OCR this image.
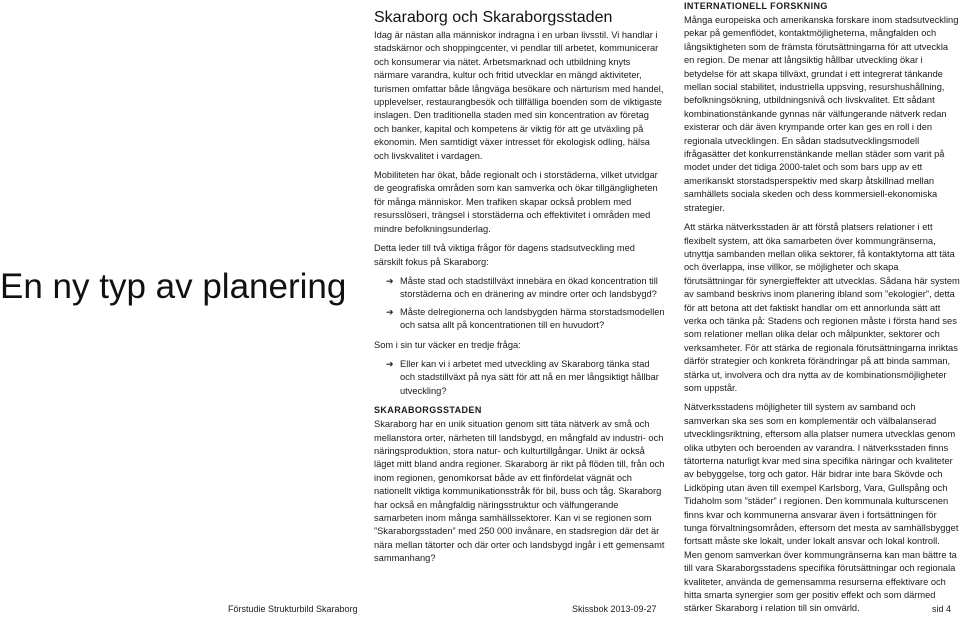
En ny typ av planering
Skaraborg och Skaraborgsstaden

Idag är nästan alla människor indragna i en urban livsstil. Vi handlar i stadskärnor och shoppingcenter, vi pendlar till arbetet, kommunicerar och konsumerar via nätet. Arbetsmarknad och utbildning knyts närmare varandra, kultur och fritid utvecklar en mängd aktiviteter, turismen omfattar både långväga besökare och närturism med handel, upplevelser, restaurangbesök och tillfälliga boenden som de viktigaste inslagen. Den traditionella staden med sin koncentration av företag och banker, kapital och kompetens är viktig för att ge utväxling på ekonomin. Men samtidigt växer intresset för ekologisk odling, hälsa och livskvalitet i vardagen.

Mobiliteten har ökat, både regionalt och i storstäderna, vilket utvidgar de geografiska områden som kan samverka och ökar tillgängligheten för många människor. Men trafiken skapar också problem med resursslöseri, trängsel i storstäderna och effektivitet i områden med mindre befolkningsunderlag.

Detta leder till två viktiga frågor för dagens stadsutveckling med särskilt fokus på Skaraborg:

➔ Måste stad och stadstillväxt innebära en ökad koncentration till storstäderna och en dränering av mindre orter och landsbygd?
➔ Måste delregionerna och landsbygden härma storstadsmodellen och satsa allt på koncentrationen till en huvudort?

Som i sin tur väcker en tredje fråga:

➔ Eller kan vi i arbetet med utveckling av Skaraborg tänka stad och stadstillväxt på nya sätt för att nå en mer långsiktigt hållbar utveckling?
SKARABORGSSTADEN

Skaraborg har en unik situation genom sitt täta nätverk av små och mellanstora orter, närheten till landsbygd, en mångfald av industri- och näringsproduktion, stora natur- och kulturtillgångar. Unikt är också läget mitt bland andra regioner. Skaraborg är rikt på flöden till, från och inom regionen, genomkorsat både av ett finfördelat vägnät och nationellt viktiga kommunikationsstråk för bil, buss och tåg. Skaraborg har också en mångfaldig näringsstruktur och välfungerande samarbeten inom många samhällssektorer. Kan vi se regionen som ”Skaraborgsstaden” med 250 000 invånare, en stadsregion där det är nära mellan tätorter och där orter och landsbygd ingår i ett gemensamt sammanhang?

INTERNATIONELL FORSKNING

Många europeiska och amerikanska forskare inom stadsutveckling pekar på gemenflödet, kontaktmöjligheterna, mångfalden och långsiktigheten som de främsta förutsättningarna för att utveckla en region. De menar att långsiktig hållbar utveckling ökar i betydelse för att skapa tillväxt, grundat i ett integrerat tänkande mellan social stabilitet, industriella uppsving, resurshushållning, befolkningsökning, utbildningsnivå och livskvalitet. Ett sådant kombinationstänkande gynnas när välfungerande nätverk redan existerar och där även krympande orter kan ges en roll i den regionala utvecklingen. En sådan stadsutvecklingsmodell ifrågasätter det konkurrenstänkande mellan städer som varit på modet under det tidiga 2000-talet och som bars upp av ett amerikanskt storstadsperspektiv med skarp åtskillnad mellan samhällets sociala skeden och dess kommersiell-ekonomiska strategier.

Att stärka nätverksstaden är att förstå platsers relationer i ett flexibelt system, att öka samarbeten över kommungränserna, utnyttja sambanden mellan olika sektorer, få kontaktytorna att täta och överlappa, inse villkor, se möjligheter och skapa förutsättningar för synergieffekter att utvecklas. Sådana här system av samband beskrivs inom planering ibland som ”ekologier”, detta för att betona att det faktiskt handlar om ett annorlunda sätt att verka och tänka på: Stadens och regionen måste i första hand ses som relationer mellan olika delar och målpunkter, sektorer och verksamheter. För att stärka de regionala förutsättningarna inriktas därför strategier och konkreta förändringar på att binda samman, stärka ut, involvera och dra nytta av de kombinationsmöjligheter som uppstår.

Nätverksstadens möjligheter till system av samband och samverkan ska ses som en komplementär och välbalanserad utvecklingsriktning, eftersom alla platser numera utvecklas genom olika utbyten och beroenden av varandra. I nätverksstaden finns tätorterna naturligt kvar med sina specifika näringar och kvaliteter av bebyggelse, torg och gator. Här bidrar inte bara Skövde och Lidköping utan även till exempel Karlsborg, Vara, Gullspång och Tidaholm som ”städer” i regionen. Den kommunala kulturscenen finns kvar och kommunerna ansvarar även i fortsättningen för tunga förvaltningsområden, eftersom det mesta av samhällsbygget fortsatt måste ske lokalt, under lokalt ansvar och lokal kontroll. Men genom samverkan över kommungränserna kan man bättre ta till vara Skaraborgsstadens specifika förutsättningar och regionala kvaliteter, använda de gemensamma resurserna effektivare och hitta smarta synergier som ger positiv effekt och som därmed stärker Skaraborg i relation till sin omvärld.

Förstudie Strukturbild Skaraborg	Skissbok 2013-09-27	sid 4
